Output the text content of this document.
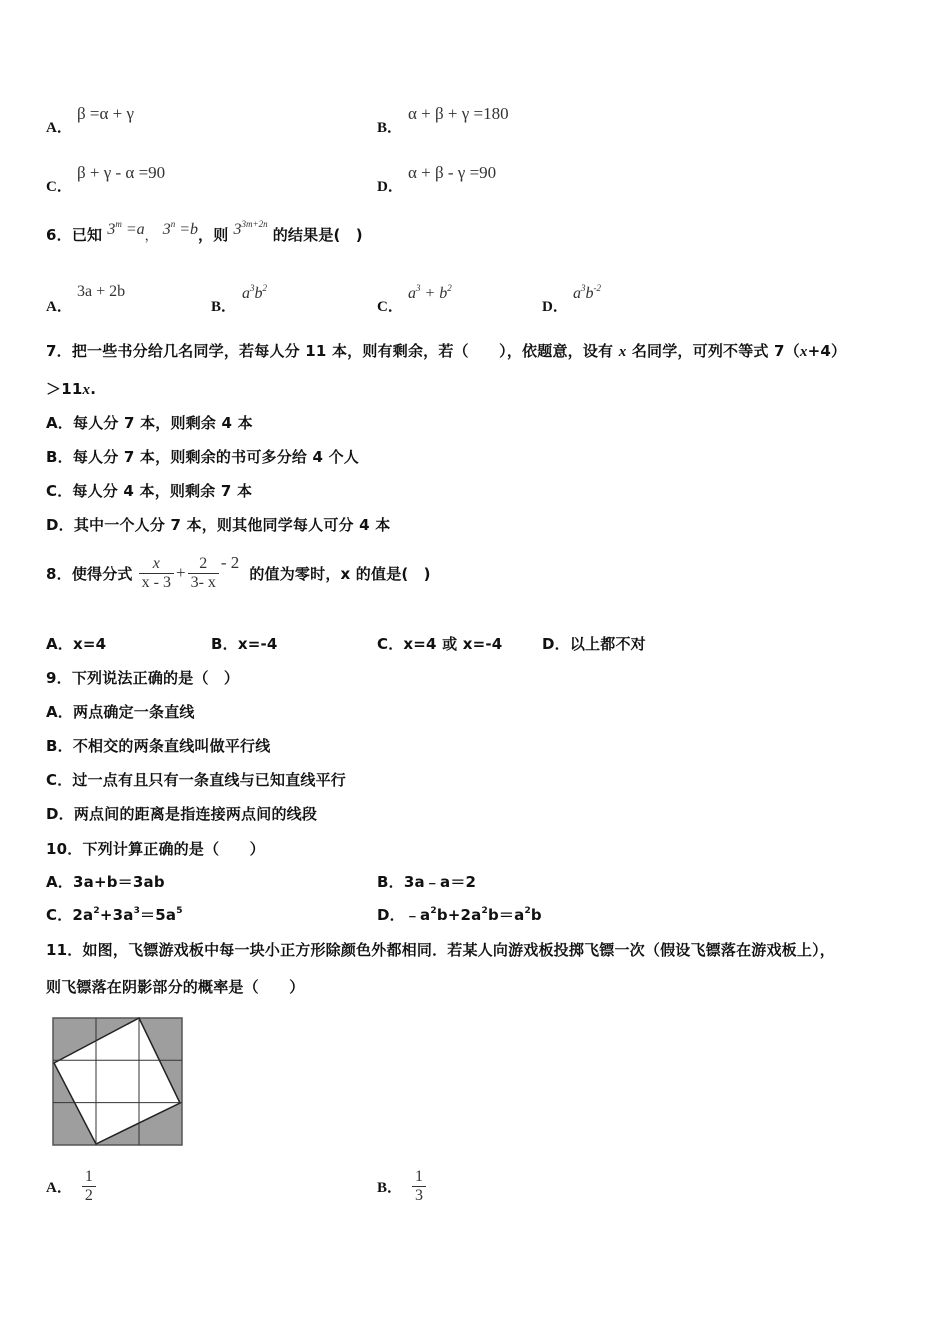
A．
β =α + γ
B．
α + β + γ =180
C．
β + γ - α =90
D．
α + β - γ =90
6．已知 $3^m =a$， $3^n =b$，则 $3^{3m+2n}$ 的结果是(　)
A．
3a + 2b
B．
$a^3b^2$
C．
$a^3 + b^2$
D．
$a^3b^{-2}$
7．把一些书分给几名同学，若每人分 11 本，则有剩余，若（　　），依题意，设有 x 名同学，可列不等式 7（x+4）
＞11x.
A．每人分 7 本，则剩余 4 本
B．每人分 7 本，则剩余的书可多分给 4 个人
C．每人分 4 本，则剩余 7 本
D．其中一个人分 7 本，则其他同学每人可分 4 本
8．使得分式 $\frac{x}{x - 3} + \frac{2}{3- x} - 2$
的值为零时，x 的值是(　)
A．x=4	B．x=-4	C．x=4 或 x=-4	D．以上都不对
9．下列说法正确的是（　）
A．两点确定一条直线
B．不相交的两条直线叫做平行线
C．过一点有且只有一条直线与已知直线平行
D．两点间的距离是指连接两点间的线段
10．下列计算正确的是（　　）
A．3a+b＝3ab	B．3a﹣a＝2
C．$2a^2+3a^3=5a^5$	D．$﹣a^2b+2a^2b=a^2b$
11．如图，飞镖游戏板中每一块小正方形除颜色外都相同．若某人向游戏板投掷飞镖一次（假设飞镖落在游戏板上），
则飞镖落在阴影部分的概率是（　　）
A． $\frac{1}{2}$	B． $\frac{1}{3}$
